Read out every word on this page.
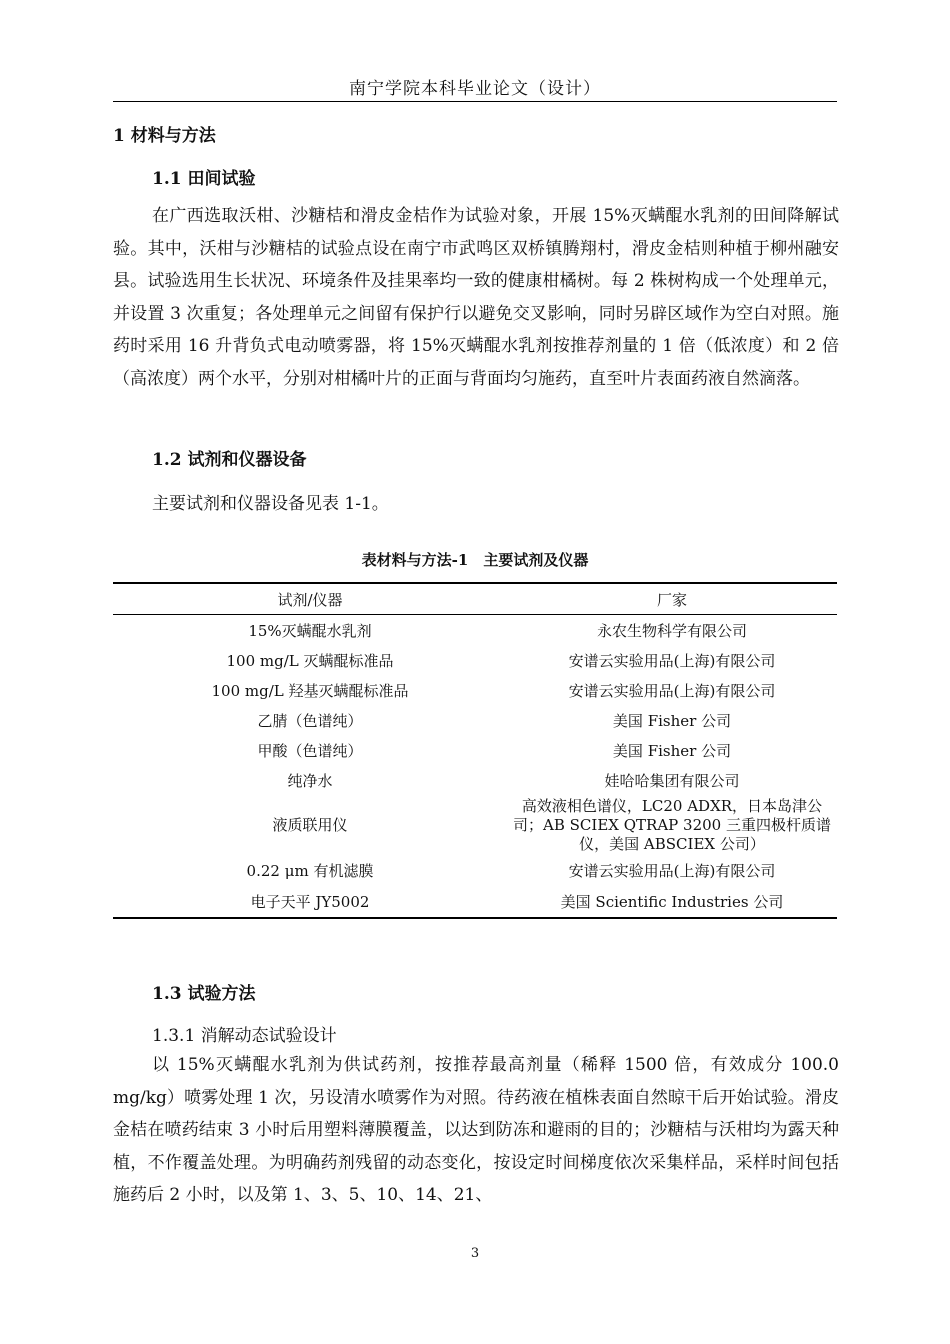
南宁学院本科毕业论文（设计）
1 材料与方法
1.1 田间试验
在广西选取沃柑、沙糖桔和滑皮金桔作为试验对象，开展 15%灭螨醌水乳剂的田间降解试验。其中，沃柑与沙糖桔的试验点设在南宁市武鸣区双桥镇腾翔村，滑皮金桔则种植于柳州融安县。试验选用生长状况、环境条件及挂果率均一致的健康柑橘树。每 2 株树构成一个处理单元，并设置 3 次重复；各处理单元之间留有保护行以避免交叉影响，同时另辟区域作为空白对照。施药时采用 16 升背负式电动喷雾器，将 15%灭螨醌水乳剂按推荐剂量的 1 倍（低浓度）和 2 倍（高浓度）两个水平，分别对柑橘叶片的正面与背面均匀施药，直至叶片表面药液自然滴落。
1.2 试剂和仪器设备
主要试剂和仪器设备见表 1-1。
表材料与方法-1　主要试剂及仪器
试剂/仪器	厂家
15%灭螨醌水乳剂	永农生物科学有限公司
100 mg/L 灭螨醌标准品	安谱云实验用品(上海)有限公司
100 mg/L 羟基灭螨醌标准品	安谱云实验用品(上海)有限公司
乙腈（色谱纯）	美国 Fisher 公司
甲酸（色谱纯）	美国 Fisher 公司
纯净水	娃哈哈集团有限公司
液质联用仪	高效液相色谱仪，LC20 ADXR，日本岛津公司；AB SCIEX QTRAP 3200 三重四极杆质谱仪，美国 ABSCIEX 公司）
0.22 μm 有机滤膜	安谱云实验用品(上海)有限公司
电子天平 JY5002	美国 Scientific Industries 公司
1.3 试验方法
1.3.1 消解动态试验设计
以 15%灭螨醌水乳剂为供试药剂，按推荐最高剂量（稀释 1500 倍，有效成分 100.0 mg/kg）喷雾处理 1 次，另设清水喷雾作为对照。待药液在植株表面自然晾干后开始试验。滑皮金桔在喷药结束 3 小时后用塑料薄膜覆盖，以达到防冻和避雨的目的；沙糖桔与沃柑均为露天种植，不作覆盖处理。为明确药剂残留的动态变化，按设定时间梯度依次采集样品，采样时间包括施药后 2 小时，以及第 1、3、5、10、14、21、
3
